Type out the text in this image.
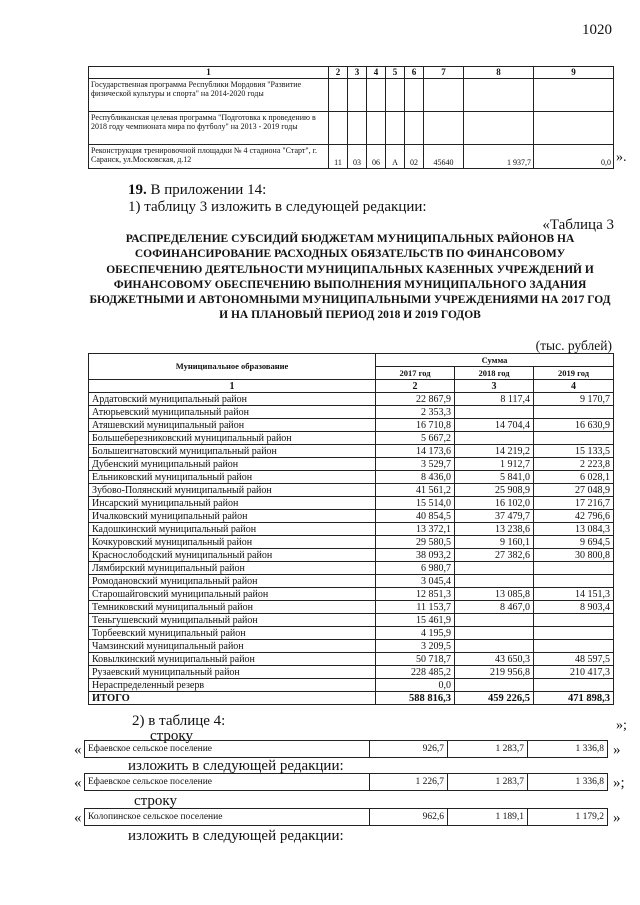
1020
1	2	3	4	5	6	7	8	9
Государственная программа Республики Мордовия "Развитие физической культуры и спорта" на 2014-2020 годы								
Республиканская целевая программа "Подготовка к проведению в 2018 году чемпионата мира по футболу" на 2013 - 2019 годы								
Реконструкция тренировочной площадки № 4 стадиона "Старт", г. Саранск, ул.Московская, д.12	11	03	06	А	02	45640	1 937,7	0,0 ».
19. В приложении 14:
1) таблицу 3 изложить в следующей редакции:
«Таблица 3
РАСПРЕДЕЛЕНИЕ СУБСИДИЙ БЮДЖЕТАМ МУНИЦИПАЛЬНЫХ РАЙОНОВ НА СОФИНАНСИРОВАНИЕ РАСХОДНЫХ ОБЯЗАТЕЛЬСТВ ПО ФИНАНСОВОМУ ОБЕСПЕЧЕНИЮ ДЕЯТЕЛЬНОСТИ МУНИЦИПАЛЬНЫХ КАЗЕННЫХ УЧРЕЖДЕНИЙ И ФИНАНСОВОМУ ОБЕСПЕЧЕНИЮ ВЫПОЛНЕНИЯ МУНИЦИПАЛЬНОГО ЗАДАНИЯ БЮДЖЕТНЫМИ И АВТОНОМНЫМИ МУНИЦИПАЛЬНЫМИ УЧРЕЖДЕНИЯМИ НА 2017 ГОД И НА ПЛАНОВЫЙ ПЕРИОД 2018 И 2019 ГОДОВ
(тыс. рублей)
Муниципальное образование	Сумма		
	2017 год	2018 год	2019 год
1	2	3	4
Ардатовский муниципальный район	22 867,9	8 117,4	9 170,7
Атюрьевский муниципальный район	2 353,3		
Атяшевский муниципальный район	16 710,8	14 704,4	16 630,9
Большеберезниковский муниципальный район	5 667,2		
Большеигнатовский муниципальный район	14 173,6	14 219,2	15 133,5
Дубенский муниципальный район	3 529,7	1 912,7	2 223,8
Ельниковский муниципальный район	8 436,0	5 841,0	6 028,1
Зубово-Полянский муниципальный район	41 561,2	25 908,9	27 048,9
Инсарский муниципальный район	15 514,0	16 102,0	17 216,7
Ичалковский муниципальный район	40 854,5	37 479,7	42 796,6
Кадошкинский муниципальный район	13 372,1	13 238,6	13 084,3
Кочкуровский муниципальный район	29 580,5	9 160,1	9 694,5
Краснослободский муниципальный район	38 093,2	27 382,6	30 800,8
Лямбирский муниципальный район	6 980,7		
Ромодановский муниципальный район	3 045,4		
Старошайговский муниципальный район	12 851,3	13 085,8	14 151,3
Темниковский муниципальный район	11 153,7	8 467,0	8 903,4
Теньгушевский муниципальный район	15 461,9		
Торбеевский муниципальный район	4 195,9		
Чамзинский муниципальный район	3 209,5		
Ковылкинский муниципальный район	50 718,7	43 650,3	48 597,5
Рузаевский муниципальный район	228 485,2	219 956,8	210 417,3
Нераспределенный резерв	0,0		
ИТОГО	588 816,3	459 226,5	471 898,3
»;
2) в таблице 4:
строку
« Ефаевское сельское поселение	926,7	1 283,7	1 336,8 »
изложить в следующей редакции:
« Ефаевское сельское поселение	1 226,7	1 283,7	1 336,8 »;
строку
« Колопинское сельское поселение	962,6	1 189,1	1 179,2 »
изложить в следующей редакции:
